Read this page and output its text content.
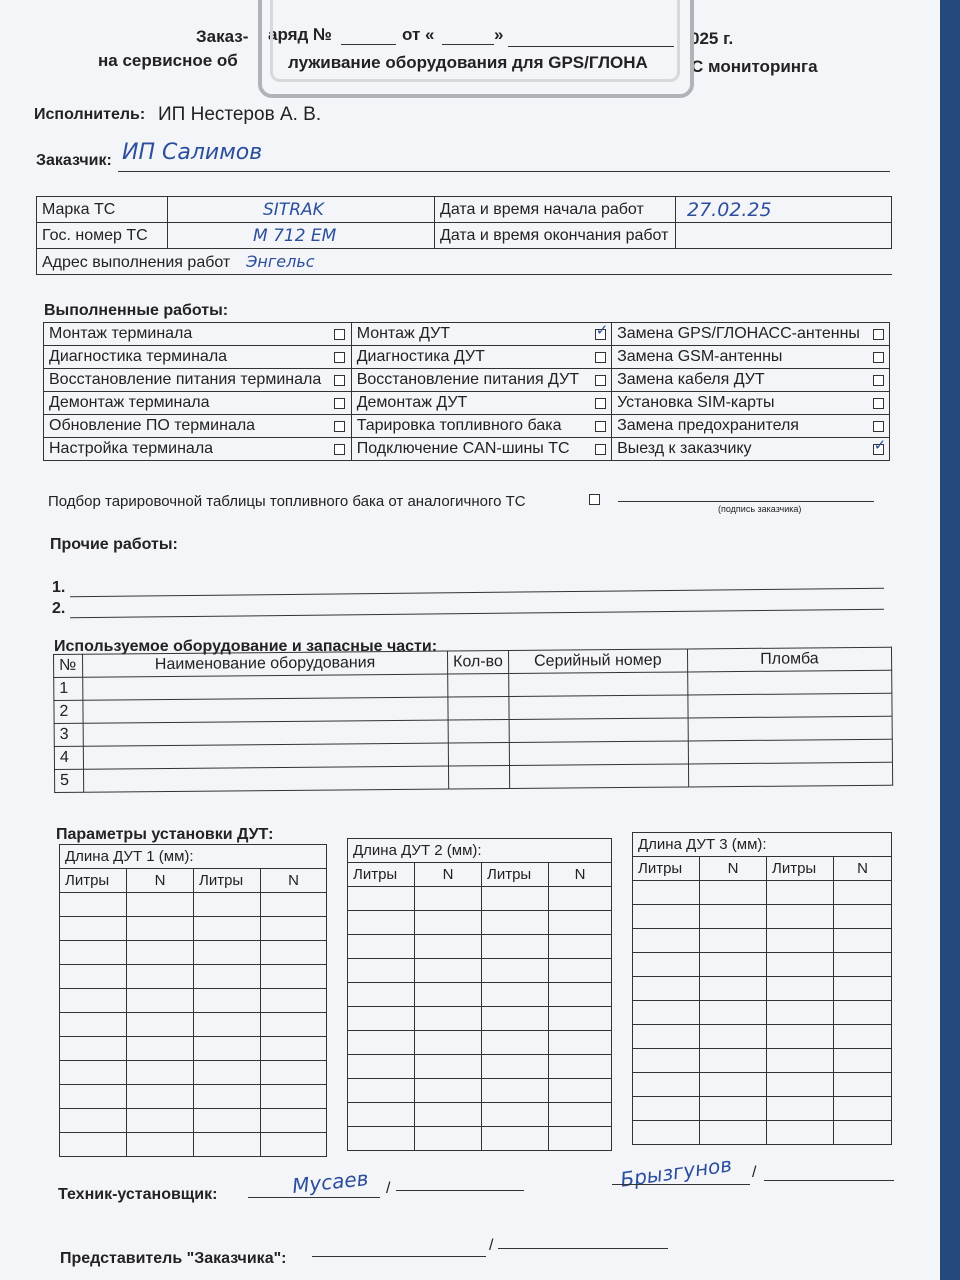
Заказ- аряд №	от «	»	025 г.
на сервисное об	луживание оборудования для GPS/ГЛОНА	С мониторинга
Исполнитель: ИП Нестеров А. В.
Заказчик: ИП Салимов
Марка ТС	SITRAK	Дата и время начала работ	27.02.25
Гос. номер ТС	М 712 ЕМ	Дата и время окончания работ	
Адрес выполнения работ Энгельс			
Выполненные работы:
Монтаж терминала		Монтаж ДУТ	✓	Замена GPS/ГЛОНАСС-антенны	

Диагностика терминала		Диагностика ДУТ		Замена GSM-антенны	

Восстановление питания терминала		Восстановление питания ДУТ		Замена кабеля ДУТ	

Демонтаж терминала		Демонтаж ДУТ		Установка SIM-карты	

Обновление ПО терминала		Тарировка топливного бака		Замена предохранителя	

Настройка терминала		Подключение CAN-шины ТС		Выезд к заказчику	✓
Подбор тарировочной таблицы топливного бака от аналогичного ТС	(подпись заказчика)
Прочие работы:
1.
2.
Используемое оборудование и запасные части:
№	Наименование оборудования	Кол-во	Серийный номер	Пломба
1				
2				
3				
4				
5				
Параметры установки ДУТ:
Длина ДУТ 1 (мм):			
Литры	N	Литры	N

Длина ДУТ 2 (мм):			
Литры	N	Литры	N

Длина ДУТ 3 (мм):			
Литры	N	Литры	N

Техник-установщик:	Мусаев /	Брызгунов /
Представитель "Заказчика":
/
